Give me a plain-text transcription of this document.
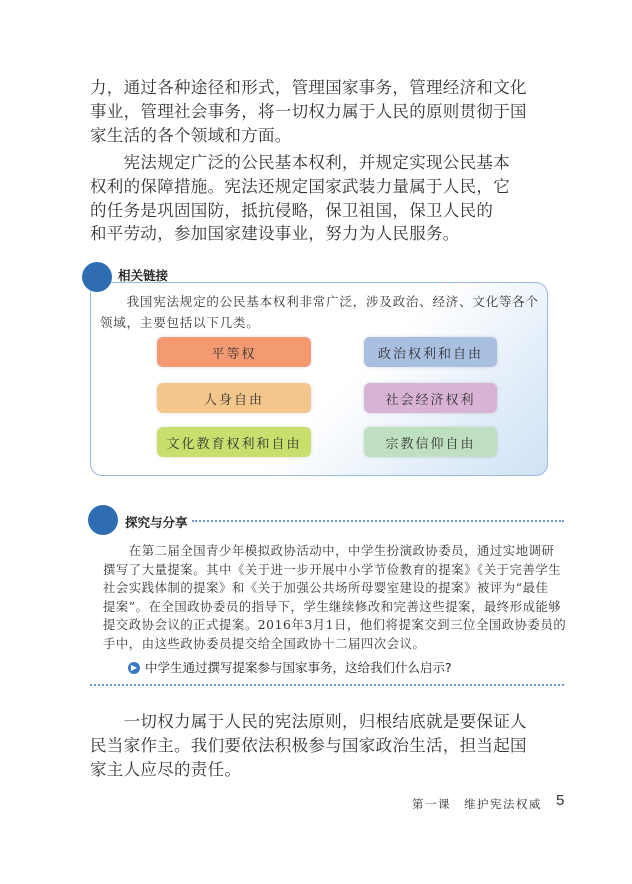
力，通过各种途径和形式，管理国家事务，管理经济和文化
事业，管理社会事务，将一切权力属于人民的原则贯彻于国
家生活的各个领域和方面。
　　宪法规定广泛的公民基本权利，并规定实现公民基本
权利的保障措施。宪法还规定国家武装力量属于人民，它
的任务是巩固国防，抵抗侵略，保卫祖国，保卫人民的
和平劳动，参加国家建设事业，努力为人民服务。
相关链接
　　我国宪法规定的公民基本权利非常广泛，涉及政治、经济、文化等各个领域，主要包括以下几类。
平等权	政治权利和自由
人身自由	社会经济权利
文化教育权利和自由	宗教信仰自由
探究与分享
　　在第二届全国青少年模拟政协活动中，中学生扮演政协委员，通过实地调研
撰写了大量提案。其中《关于进一步开展中小学节俭教育的提案》《关于完善学生
社会实践体制的提案》和《关于加强公共场所母婴室建设的提案》被评为“最佳
提案”。在全国政协委员的指导下，学生继续修改和完善这些提案，最终形成能够
提交政协会议的正式提案。2016年3月1日，他们将提案交到三位全国政协委员的
手中，由这些政协委员提交给全国政协十二届四次会议。
▶ 中学生通过撰写提案参与国家事务，这给我们什么启示?
　　一切权力属于人民的宪法原则，归根结底就是要保证人
民当家作主。我们要依法积极参与国家政治生活，担当起国
家主人应尽的责任。
第一课　维护宪法权威 5
